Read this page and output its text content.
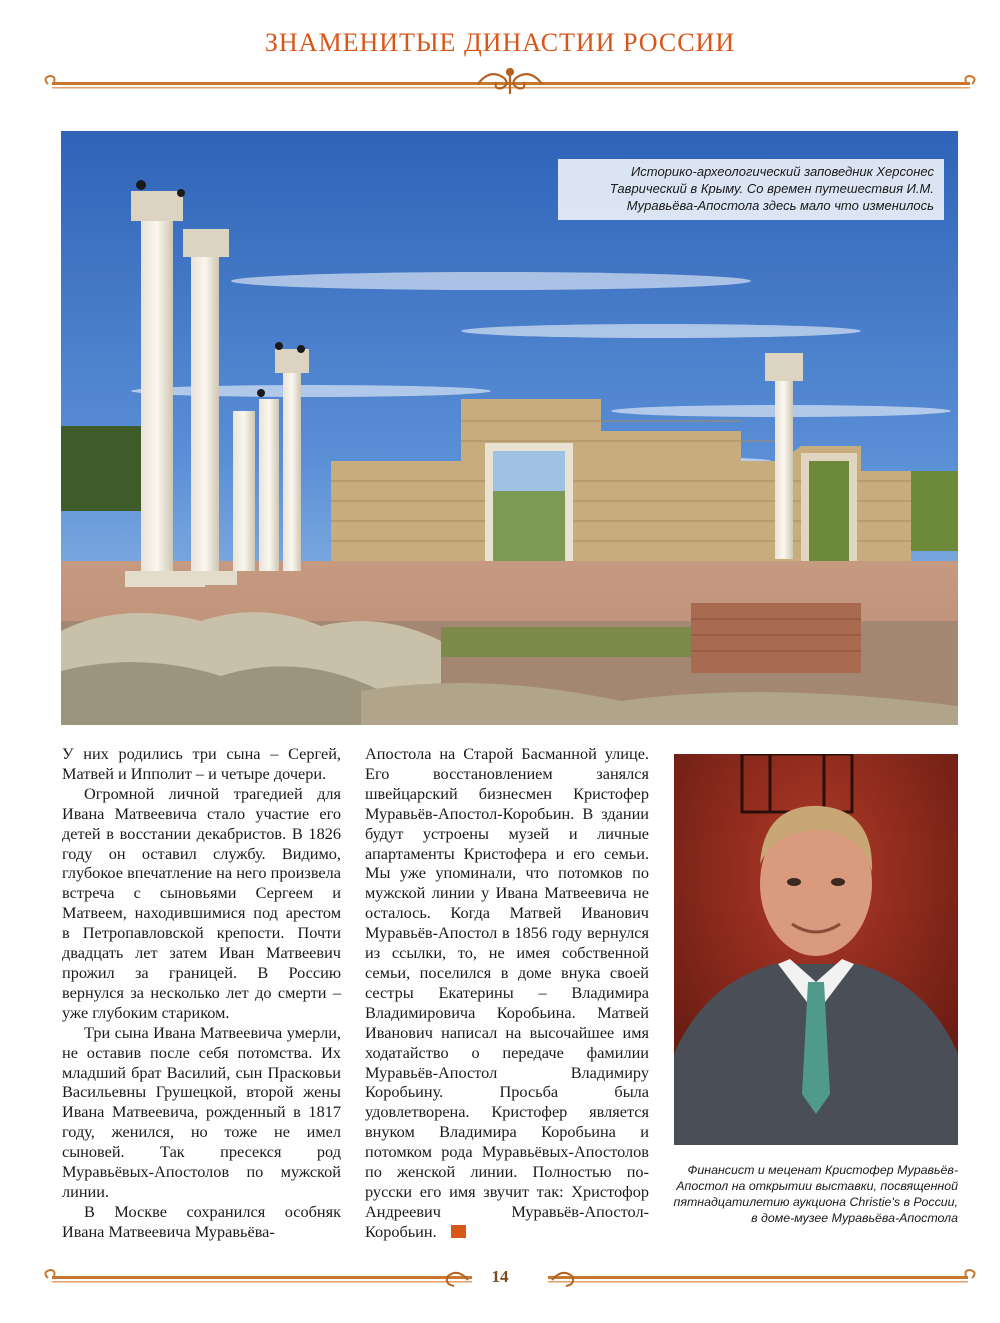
ЗНАМЕНИТЫЕ ДИНАСТИИ РОССИИ
Историко-археологический заповедник Херсонес Таврический в Крыму. Со времен путешествия И.М. Муравьёва-Апостола здесь мало что изменилось

У них родились три сына – Сергей, Матвей и Ипполит – и четыре дочери.

Огромной личной трагедией для Ивана Матвеевича стало участие его детей в восстании декабристов. В 1826 году он оставил службу. Видимо, глубокое впечатление на него произвела встреча с сыновьями Сергеем и Матвеем, находившимися под арестом в Петропавловской крепости. Почти двадцать лет затем Иван Матвеевич прожил за границей. В Россию вернулся за несколько лет до смерти – уже глубоким стариком.

Три сына Ивана Матвеевича умерли, не оставив после себя потомства. Их младший брат Василий, сын Прасковьи Васильевны Грушецкой, второй жены Ивана Матвеевича, рожденный в 1817 году, женился, но тоже не имел сыновей. Так пресекся род Муравьёвых-Апостолов по мужской линии.

В Москве сохранился особняк Ивана Матвеевича Муравьёва-

Апостола на Старой Басманной улице. Его восстановлением занялся швейцарский бизнесмен Кристофер Муравьёв-Апостол-Коробьин. В здании будут устроены музей и личные апартаменты Кристофера и его семьи. Мы уже упоминали, что потомков по мужской линии у Ивана Матвеевича не осталось. Когда Матвей Иванович Муравьёв-Апостол в 1856 году вернулся из ссылки, то, не имея собственной семьи, поселился в доме внука своей сестры Екатерины – Владимира Владимировича Коробьина. Матвей Иванович написал на высочайшее имя ходатайство о передаче фамилии Муравьёв-Апостол Владимиру Коробьину. Просьба была удовлетворена. Кристофер является внуком Владимира Коробьина и потомком рода Муравьёвых-Апостолов по женской линии. Полностью по-русски его имя звучит так: Христофор Андреевич Муравьёв-Апостол-Коробьин.

Финансист и меценат Кристофер Муравьёв-Апостол на открытии выставки, посвященной пятнадцатилетию аукциона Christie's в России, в доме-музее Муравьёва-Апостола
14
